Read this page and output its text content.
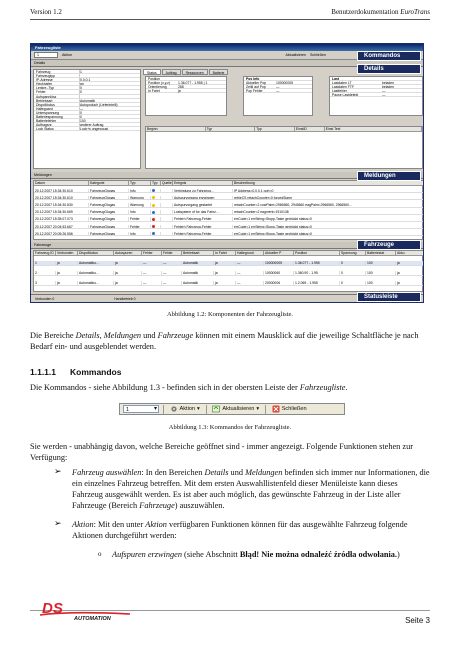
Version 1.2	Benutzerdokumentation EuroTrans
Fahrzeugliste
1	Aktion	Aktualisieren Schließen
Details
Fahrzeug	1
Fahrzeugtyp
IP-Adresse	0.0.0.1
Heckhafen	an
Lenkre.-Typ	0
Fehler	0
Aufspannlösz
Betriebsart	Automatik
DispoModus	Autopoduch (Lieferintelli)
Halteguard	—
Unterspannung	0
Batteriespannung	0
Batteriefehler	100
Auftragsnr.	anderer Auftrag
Lock Status	Lock+s ungewoust
Status	Auftrag	Ressourcen	Batterie
Position
Position (x,y,z)	1.36.077 - 1.955 | 1
Orientierung	268
In Fahrt	ja
Pos Info
Aktueller Pop	100000005
Zeitli auf Pop	—
Pop Fehler	—
Last
Lastdaten LT	beladen
Lastdaten FTF	beladen
Lastfehler	—
Pause Lastdetekt	—
Beginn	Typ	Typ	EinstID	Einst Text
Meldungen
Datum	Kategorie	Typ	Typ	Quelle Ereignis	Beschreibung
20.12.2007 15:34:30.610	FahrzeugGlogas	Info	Verbindung zu Fahrzeug...	IP Address=0.0.0.1 port=0
20.12.2007 15:34:30.610	FahrzeugGlogas	Warnung	Autspurvorgang erzwingen	retrieCS retachCounter=0 forcedSlarm
20.12.2007 15:34:30.830	FahrzeugGlogas	Warnung	Autspurvorgang gestartet	retachCounter=2 cowPalm=2966560, 2945660 eagPalm=2966560, 2966560...
20.12.2007 15:34:30.669	FahrzeugGlogas	Info	Lostsystem of for das Fahrz...	retachCounter=2 eagment=1910138
20.12.2007 15:35:07.073	FahrzeugGlogas	Fehler	Fehlerh Fahrzeug-Fehler	errCode=1 errString=Stopp-Taste gedrückt status=0
20.12.2007 20:04:53.667	FahrzeugGlogas	Fehler	Fehlerh Fahrzeug-Fehler	errCode=1 errString=Stopp-Taste gedrückt status=0
20.12.2007 20:05:26.556	FahrzeugGlogas	Info	Fehlerh Fahrzeug-Fehler	errCode=1 errString=Stopp-Taste gedrückt status=0
Fahrzeuge
Fahrzeug ID Verbunden	DispoModus	Autospuren	Fehler	Fehler	Betriebsart	In Fahrt	Haltegrund	Aktueller P	Position	Spannung	Batteriestat	Akku
1	ja	Automatiko...	ja	—	—	Automatik	ja	—	100000005	1.36.077 - 1.955	0	100	ja
2	ja	Automatiko...	ja	—	—	Automatik	ja	—	10000060	1.360.90 - 1.95	0	100	ja
3	ja	Automatiko...	ja	—	—	Automatik	ja	—	20000006	1.2.069 - 1.955	0	100	ja
Verbunden 0	Handbetrieb 0
Kommandos
Details
Meldungen
Fahrzeuge
Statusleiste
Abbildung 1.2: Komponenten der Fahrzeugliste.
Die Bereiche Details, Meldungen und Fahrzeuge können mit einem Mausklick auf die jeweilige Schaltfläche je nach Bedarf ein- und ausgeblendet werden.
1.1.1.1 Kommandos
Die Kommandos - siehe Abbildung 1.3 - befinden sich in der obersten Leiste der Fahrzeugliste.
1 ▾	Aktion ▾	Aktualisieren ▾	Schließen
Abbildung 1.3: Kommandos der Fahrzeugliste.
Sie werden - unabhängig davon, welche Bereiche geöffnet sind - immer angezeigt. Folgende Funktionen stehen zur Verfügung:
➢ Fahrzeug auswählen: In den Bereichen Details und Meldungen befinden sich immer nur Informationen, die ein einzelnes Fahrzeug betreffen. Mit dem ersten Auswahllistenfeld dieser Menüleiste kann dieses Fahrzeug ausgewählt werden. Es ist aber auch möglich, das gewünschte Fahrzeug in der Liste aller Fahrzeuge (Bereich Fahrzeuge) auszuwählen.
➢ Aktion: Mit den unter Aktion verfügbaren Funktionen können für das ausgewählte Fahrzeug folgende Aktionen durchgeführt werden:
o Aufspuren erzwingen (siehe Abschnitt Błąd! Nie można odnaleźć źródła odwołania.)
DS
AUTOMATION	Seite 3
